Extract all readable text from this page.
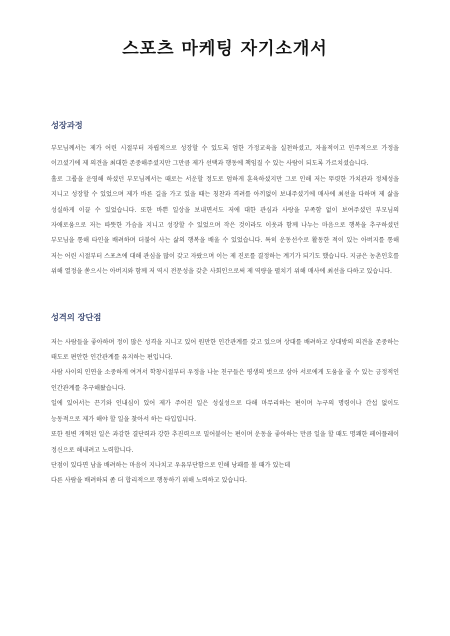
스포츠 마케팅 자기소개서
성장과정

부모님께서는 제가 어린 시절부터 자립적으로 성장할 수 있도록 엄한 가정교육을 실천하셨고, 자율적이고 민주적으로 가정을 이끄셨기에 제 의견을 최대한 존중해주셨지만 그만큼 제가 선택과 행동에 책임질 수 있는 사람이 되도록 가르치셨습니다.

홀로 그룹을 운영해 하셨던 부모님께서는 때로는 서운할 정도로 엄하게 훈육하셨지만 그로 인해 저는 뚜렷한 가치관과 정체성을 지니고 성장할 수 있었으며 제가 바른 길을 가고 있을 때는 칭찬과 격려를 아끼없이 보내주셨기에 매사에 최선을 다하며 제 삶을 성실하게 이끌 수 있었습니다. 또한 바쁜 일상을 보내면서도 저에 대한 관심과 사랑을 부족함 없이 보여주셨던 부모님의 자애로움으로 저는 따뜻한 가슴을 지니고 성장할 수 있었으며 작은 것이라도 이웃과 함께 나누는 마음으로 행복을 추구하셨던 부모님을 통해 타인을 배려하며 더불어 사는 삶의 행복을 배울 수 있었습니다. 특히 운동선수로 활동한 적이 있는 아버지를 통해 저는 어린 시절부터 스포츠에 대해 관심을 많이 갖고 자랐으며 이는 제 진로를 결정하는 계기가 되기도 했습니다. 지금은 농촌인호를 위해 열정을 쏟으시는 아버지와 함께 저 역시 전문성을 갖춘 사회인으로써 제 역량을 펼치기 위해 매사에 최선을 다하고 있습니다.

성격의 장단점

저는 사람들을 좋아하며 정이 많은 성격을 지니고 있어 원만한 인간관계를 갖고 있으며 상대를 배려하고 상대방의 의견을 존중하는 태도로 편안한 인간관계를 유지하는 편입니다.

사람 사이의 인연을 소중하게 여겨서 학창시절부터 우정을 나눈 친구들은 평생의 벗으로 삼아 서로에게 도움을 줄 수 있는 긍정적인 인간관계를 추구해왔습니다.

일에 있어서는 끈기와 인내심이 있어 제가 주어진 일은 성실성으로 다해 마무리하는 편이며 누구의 명령이나 간섭 없이도 능동적으로 제가 해야 할 일을 찾아서 하는 타입입니다.

또한 원변 개혁된 일은 과감한 결단력과 강한 추진력으로 밀어붙이는 편이며 운동을 좋아하는 만큼 일을 할 때도 명쾌한 페어플레이 정신으로 해내려고 노력합니다.

단점이 있다면 남을 배려하는 마음이 지나치고 우유부단함으로 인해 낭패를 볼 때가 있는데

다른 사람을 배려하되 좀 더 합리적으로 행동하기 위해 노력하고 있습니다.
